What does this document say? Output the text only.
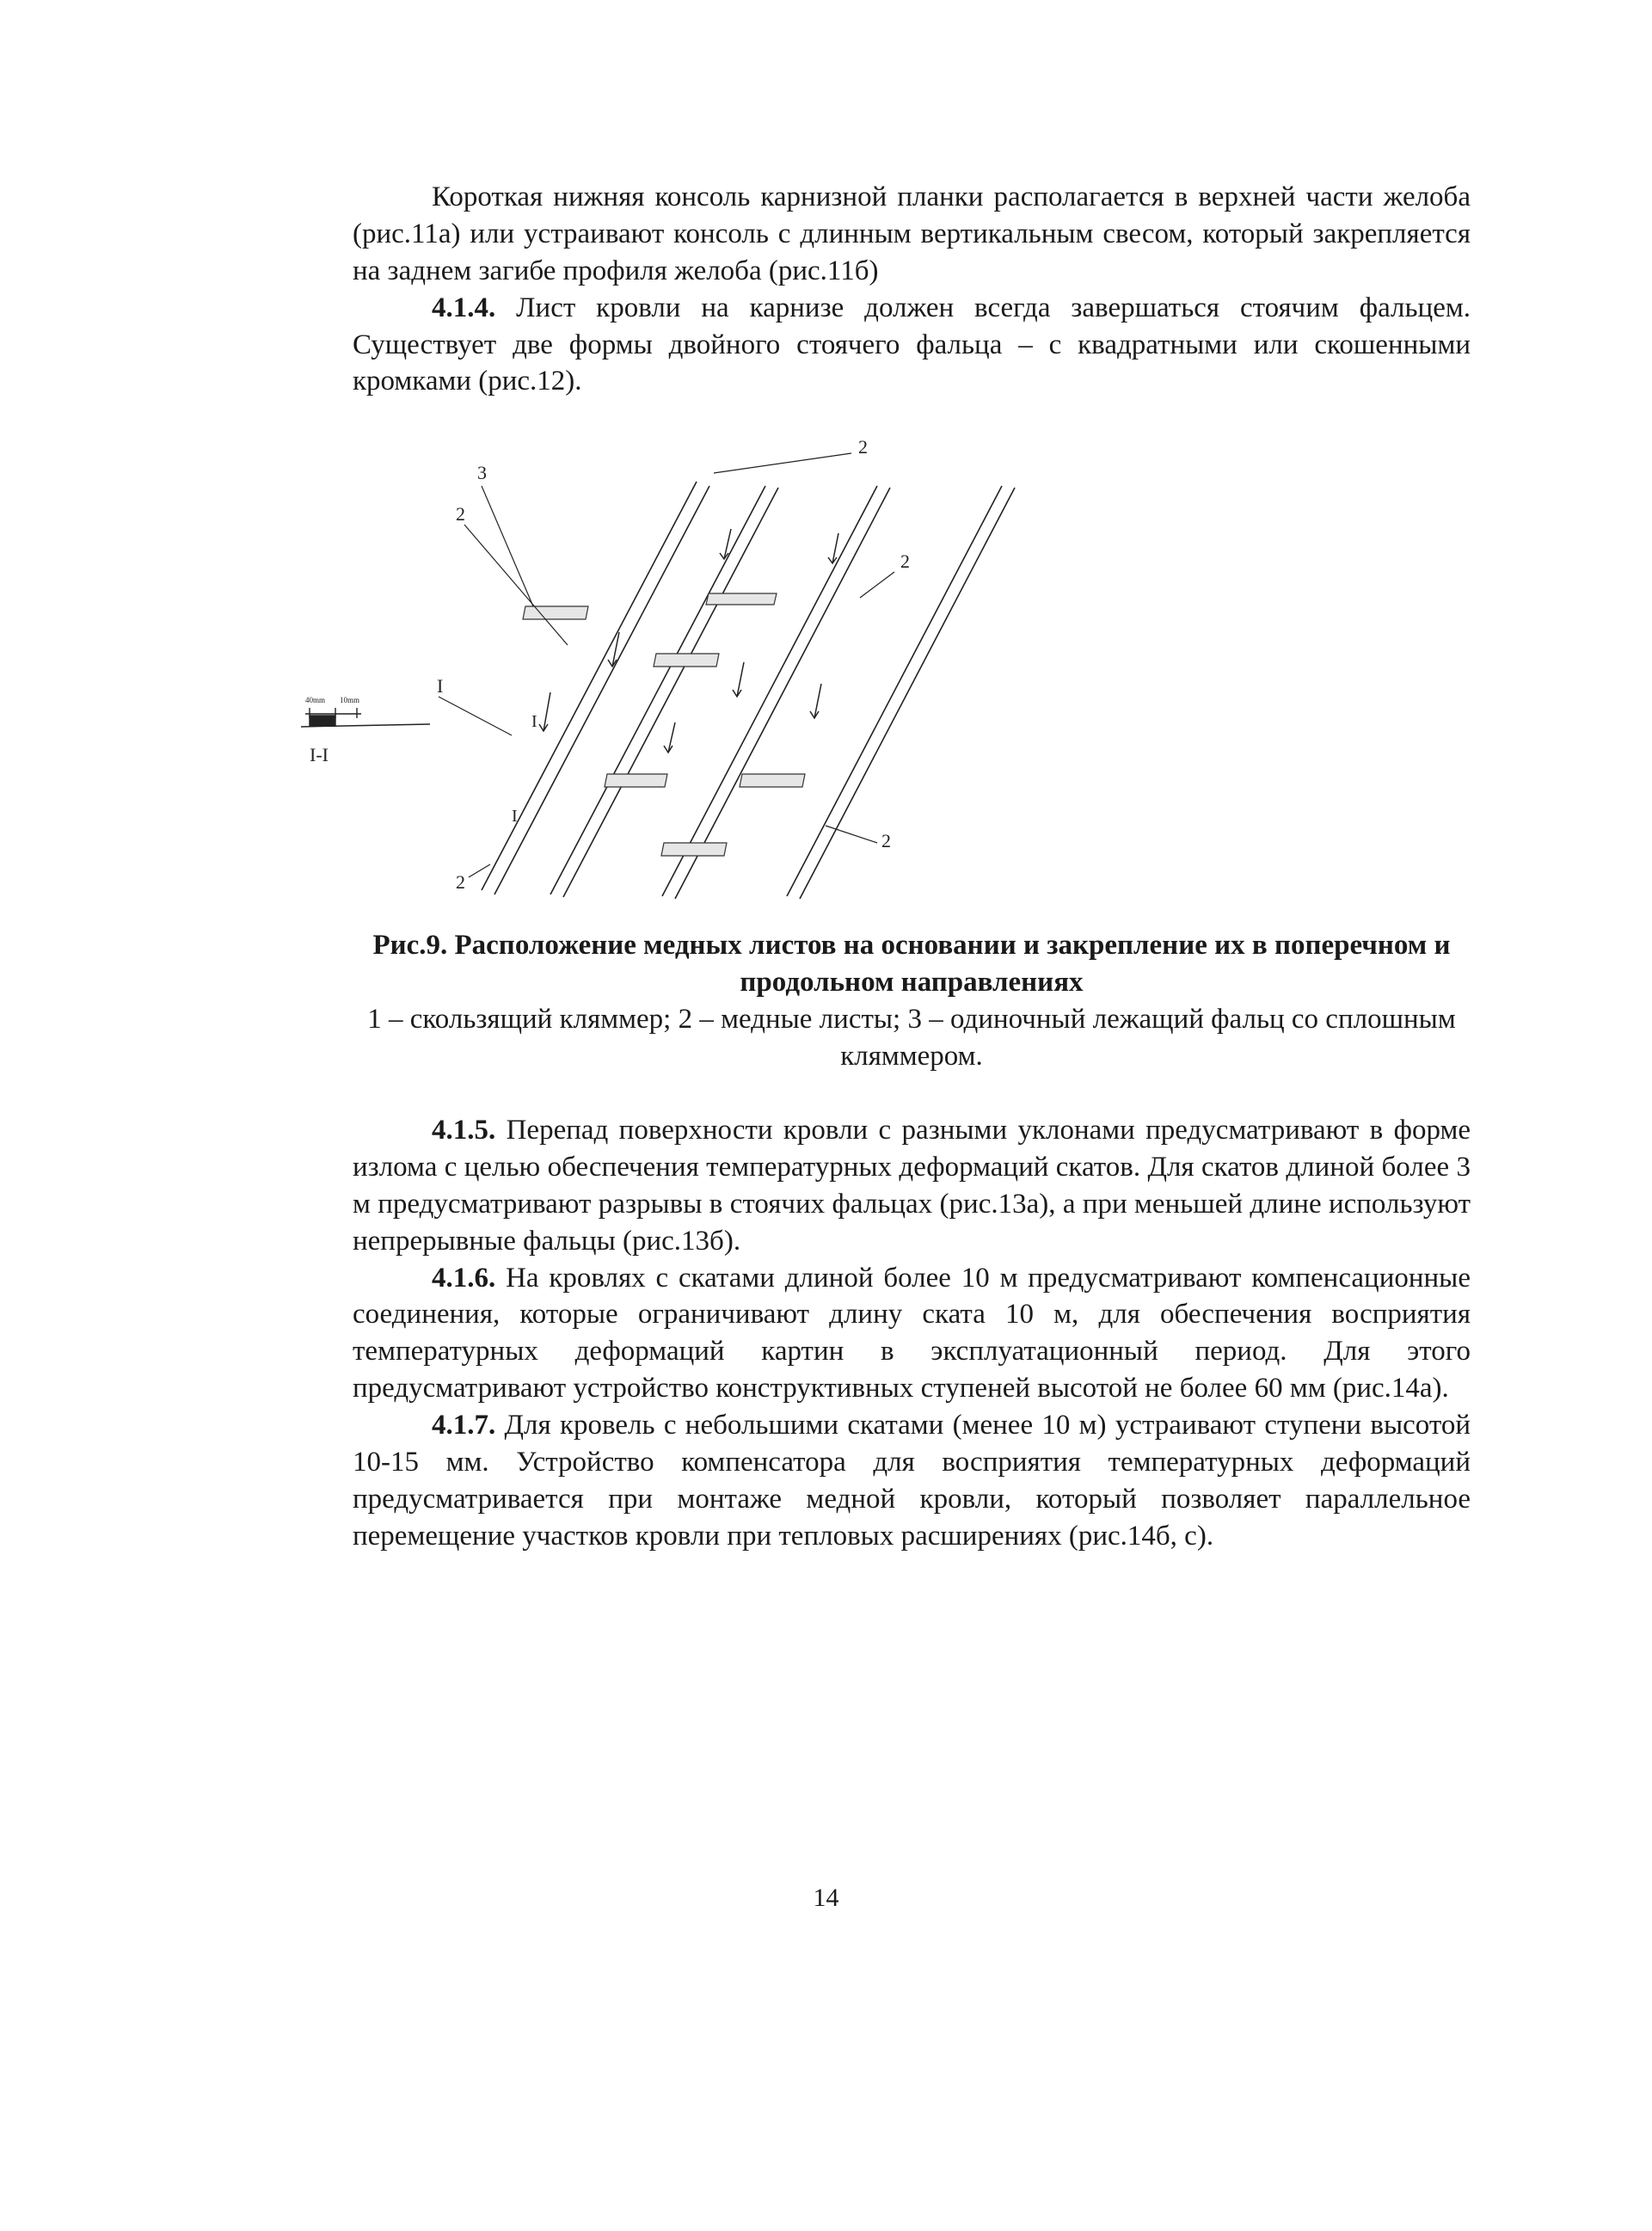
Короткая нижняя консоль карнизной планки располагается в верхней части желоба (рис.11а) или устраивают консоль с длинным вертикальным свесом, который закрепляется на заднем загибе профиля желоба (рис.11б)

4.1.4. Лист кровли на карнизе должен всегда завершаться стоячим фальцем. Существует две формы двойного стоячего фальца – с квадратными или скошенными кромками (рис.12).

3
2
2
2
2
2
I
I
I
I-I
40mm 10mm
Рис.9. Расположение медных листов на основании и закрепление их в поперечном и продольном направлениях
1 – скользящий кляммер; 2 – медные листы; 3 – одиночный лежащий фальц со сплошным кляммером.

4.1.5. Перепад поверхности кровли с разными уклонами предусматривают в форме излома с целью обеспечения температурных деформаций скатов. Для скатов длиной более 3 м предусматривают разрывы в стоячих фальцах (рис.13а), а при меньшей длине используют непрерывные фальцы (рис.13б).

4.1.6. На кровлях с скатами длиной более 10 м предусматривают компенсационные соединения, которые ограничивают длину ската 10 м, для обеспечения восприятия температурных деформаций картин в эксплуатационный период. Для этого предусматривают устройство конструктивных ступеней высотой не более 60 мм (рис.14а).

4.1.7. Для кровель с небольшими скатами (менее 10 м) устраивают ступени высотой 10-15 мм. Устройство компенсатора для восприятия температурных деформаций предусматривается при монтаже медной кровли, который позволяет параллельное перемещение участков кровли при тепловых расширениях (рис.14б, с).

14
